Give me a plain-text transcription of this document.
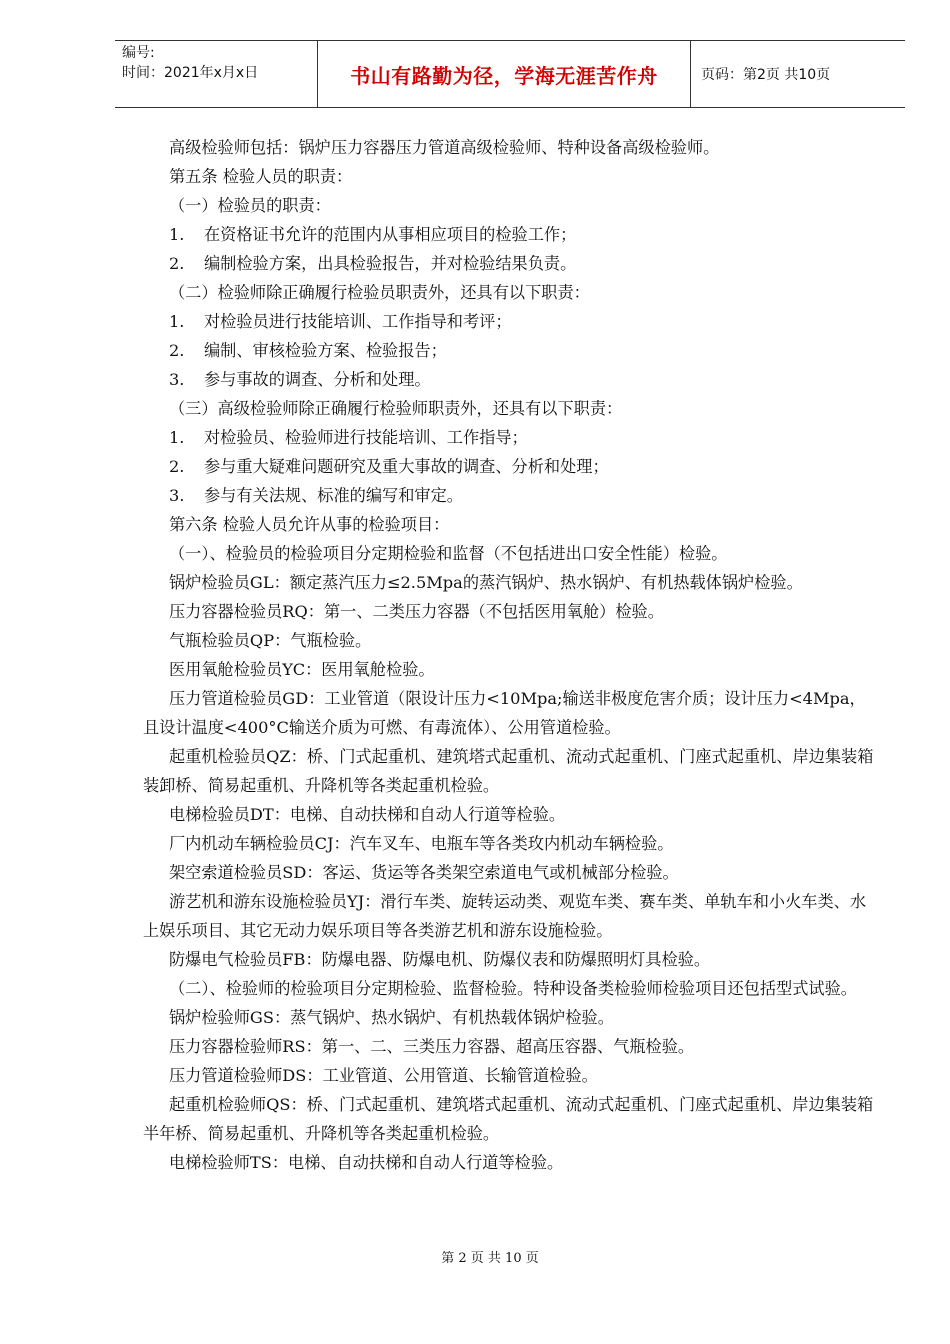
编号:
时间：2021年x月x日	书山有路勤为径，学海无涯苦作舟	页码：第2页 共10页

高级检验师包括：锅炉压力容器压力管道高级检验师、特种设备高级检验师。

第五条 检验人员的职责：

（一）检验员的职责：

1. 在资格证书允许的范围内从事相应项目的检验工作；

2. 编制检验方案，出具检验报告，并对检验结果负责。

（二）检验师除正确履行检验员职责外，还具有以下职责：

1. 对检验员进行技能培训、工作指导和考评；

2. 编制、审核检验方案、检验报告；

3. 参与事故的调查、分析和处理。

（三）高级检验师除正确履行检验师职责外，还具有以下职责：

1. 对检验员、检验师进行技能培训、工作指导；

2. 参与重大疑难问题研究及重大事故的调查、分析和处理；

3. 参与有关法规、标准的编写和审定。

第六条 检验人员允许从事的检验项目：

（一）、检验员的检验项目分定期检验和监督（不包括进出口安全性能）检验。

锅炉检验员GL：额定蒸汽压力≤2.5Mpa的蒸汽锅炉、热水锅炉、有机热载体锅炉检验。

压力容器检验员RQ：第一、二类压力容器（不包括医用氧舱）检验。

气瓶检验员QP：气瓶检验。

医用氧舱检验员YC：医用氧舱检验。

压力管道检验员GD：工业管道（限设计压力<10Mpa;输送非极度危害介质；设计压力<4Mpa，且设计温度<400°C输送介质为可燃、有毒流体）、公用管道检验。

起重机检验员QZ：桥、门式起重机、建筑塔式起重机、流动式起重机、门座式起重机、岸边集装箱装卸桥、简易起重机、升降机等各类起重机检验。

电梯检验员DT：电梯、自动扶梯和自动人行道等检验。

厂内机动车辆检验员CJ：汽车叉车、电瓶车等各类玫内机动车辆检验。

架空索道检验员SD：客运、货运等各类架空索道电气或机械部分检验。

游艺机和游东设施检验员YJ：滑行车类、旋转运动类、观览车类、赛车类、单轨车和小火车类、水上娱乐项目、其它无动力娱乐项目等各类游艺机和游东设施检验。

防爆电气检验员FB：防爆电器、防爆电机、防爆仪表和防爆照明灯具检验。

（二）、检验师的检验项目分定期检验、监督检验。特种设备类检验师检验项目还包括型式试验。

锅炉检验师GS：蒸气锅炉、热水锅炉、有机热载体锅炉检验。

压力容器检验师RS：第一、二、三类压力容器、超高压容器、气瓶检验。

压力管道检验师DS：工业管道、公用管道、长输管道检验。

起重机检验师QS：桥、门式起重机、建筑塔式起重机、流动式起重机、门座式起重机、岸边集装箱半年桥、简易起重机、升降机等各类起重机检验。

电梯检验师TS：电梯、自动扶梯和自动人行道等检验。

第 2 页 共 10 页
